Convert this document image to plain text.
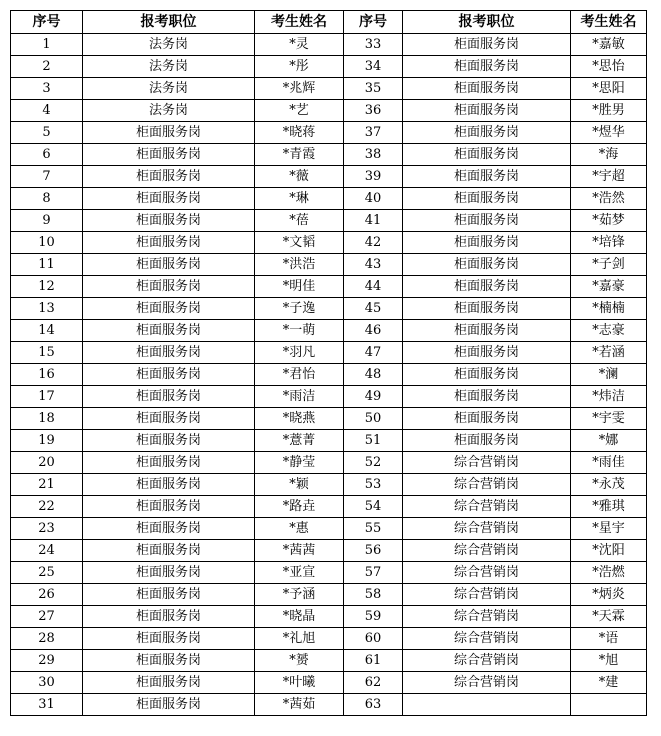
序号	报考职位	考生姓名	序号	报考职位	考生姓名
1	法务岗	*灵	33	柜面服务岗	*嘉敏
2	法务岗	*彤	34	柜面服务岗	*思怡
3	法务岗	*兆辉	35	柜面服务岗	*思阳
4	法务岗	*艺	36	柜面服务岗	*胜男
5	柜面服务岗	*晓蒋	37	柜面服务岗	*煜华
6	柜面服务岗	*青霞	38	柜面服务岗	*海
7	柜面服务岗	*薇	39	柜面服务岗	*宇超
8	柜面服务岗	*琳	40	柜面服务岗	*浩然
9	柜面服务岗	*蓓	41	柜面服务岗	*茹梦
10	柜面服务岗	*文韬	42	柜面服务岗	*培锋
11	柜面服务岗	*洪浩	43	柜面服务岗	*子剑
12	柜面服务岗	*明佳	44	柜面服务岗	*嘉豪
13	柜面服务岗	*子逸	45	柜面服务岗	*楠楠
14	柜面服务岗	*一萌	46	柜面服务岗	*志豪
15	柜面服务岗	*羽凡	47	柜面服务岗	*若涵
16	柜面服务岗	*君怡	48	柜面服务岗	*澜
17	柜面服务岗	*雨洁	49	柜面服务岗	*炜洁
18	柜面服务岗	*晓燕	50	柜面服务岗	*宇雯
19	柜面服务岗	*薏菁	51	柜面服务岗	*娜
20	柜面服务岗	*静莹	52	综合营销岗	*雨佳
21	柜面服务岗	*颖	53	综合营销岗	*永茂
22	柜面服务岗	*路垚	54	综合营销岗	*雅琪
23	柜面服务岗	*惠	55	综合营销岗	*星宇
24	柜面服务岗	*茜茜	56	综合营销岗	*沈阳
25	柜面服务岗	*亚宣	57	综合营销岗	*浩燃
26	柜面服务岗	*予涵	58	综合营销岗	*炳炎
27	柜面服务岗	*晓晶	59	综合营销岗	*天霖
28	柜面服务岗	*礼旭	60	综合营销岗	*语
29	柜面服务岗	*赟	61	综合营销岗	*旭
30	柜面服务岗	*叶曦	62	综合营销岗	*建
31	柜面服务岗	*茜茹	63		
